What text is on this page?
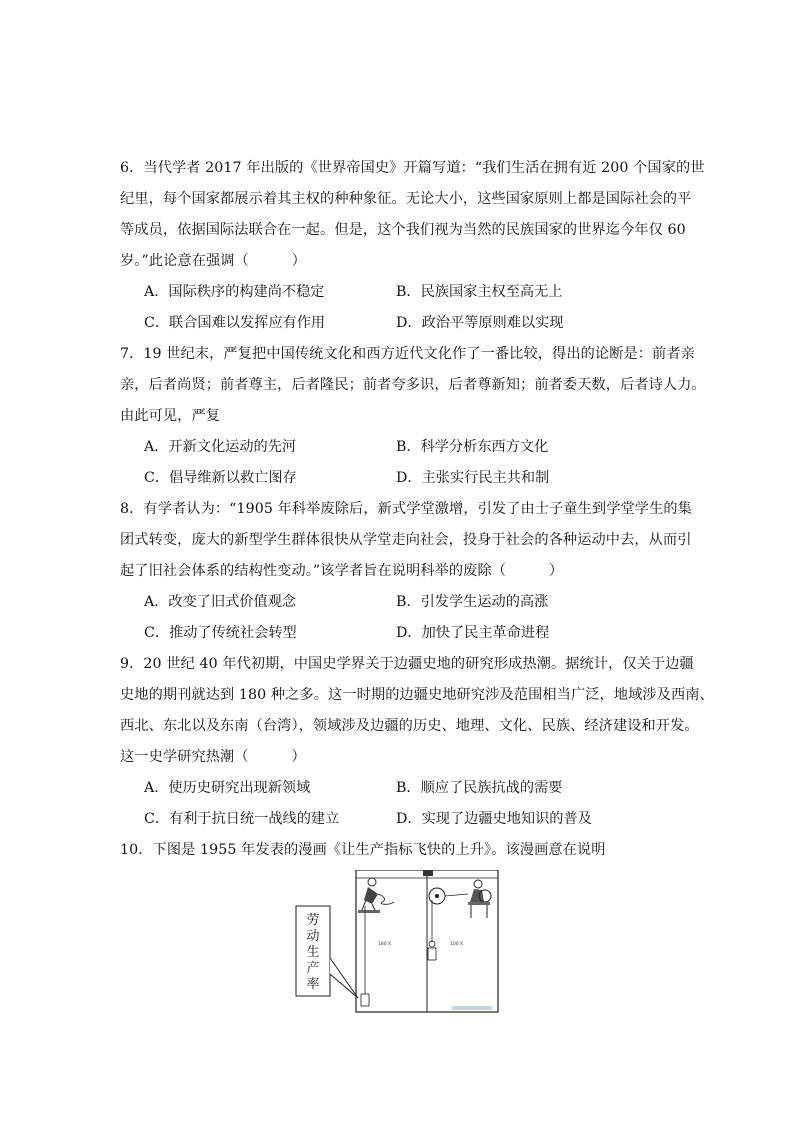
6．当代学者 2017 年出版的《世界帝国史》开篇写道：“我们生活在拥有近 200 个国家的世
纪里，每个国家都展示着其主权的种种象征。无论大小，这些国家原则上都是国际社会的平
等成员，依据国际法联合在一起。但是，这个我们视为当然的民族国家的世界迄今年仅 60
岁。”此论意在强调（　　　）
A．国际秩序的构建尚不稳定	B．民族国家主权至高无上
C．联合国难以发挥应有作用	D．政治平等原则难以实现
7．19 世纪末，严复把中国传统文化和西方近代文化作了一番比较，得出的论断是：前者亲
亲，后者尚贤；前者尊主，后者隆民；前者夸多识，后者尊新知；前者委天数，后者诗人力。
由此可见，严复
A．开新文化运动的先河	B．科学分析东西方文化
C．倡导维新以救亡图存	D．主张实行民主共和制
8．有学者认为：“1905 年科举废除后，新式学堂激增，引发了由士子童生到学堂学生的集
团式转变，庞大的新型学生群体很快从学堂走向社会，投身于社会的各种运动中去，从而引
起了旧社会体系的结构性变动。”该学者旨在说明科举的废除（　　　）
A．改变了旧式价值观念	B．引发学生运动的高涨
C．推动了传统社会转型	D．加快了民主革命进程
9．20 世纪 40 年代初期，中国史学界关于边疆史地的研究形成热潮。据统计，仅关于边疆
史地的期刊就达到 180 种之多。这一时期的边疆史地研究涉及范围相当广泛，地域涉及西南、
西北、东北以及东南（台湾），领域涉及边疆的历史、地理、文化、民族、经济建设和开发。
这一史学研究热潮（　　　）
A．使历史研究出现新领域	B．顺应了民族抗战的需要
C．有利于抗日统一战线的建立	D．实现了边疆史地知识的普及
10．下图是 1955 年发表的漫画《让生产指标飞快的上升》。该漫画意在说明
180 Ⅹ	100 Ⅹ
劳
动
生
产
率
